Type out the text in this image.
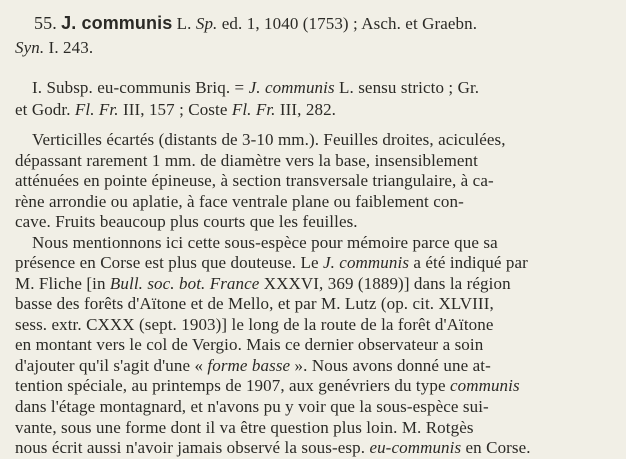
55. J. communis L. Sp. ed. 1, 1040 (1753) ; Asch. et Graebn.
Syn. I. 243.
I. Subsp. eu-communis Briq. = J. communis L. sensu stricto ; Gr.
et Godr. Fl. Fr. III, 157 ; Coste Fl. Fr. III, 282.
Verticilles écartés (distants de 3-10 mm.). Feuilles droites, aciculées,
dépassant rarement 1 mm. de diamètre vers la base, insensiblement
atténuées en pointe épineuse, à section transversale triangulaire, à ca-
rène arrondie ou aplatie, à face ventrale plane ou faiblement con-
cave. Fruits beaucoup plus courts que les feuilles.
Nous mentionnons ici cette sous-espèce pour mémoire parce que sa
présence en Corse est plus que douteuse. Le J. communis a été indiqué par
M. Fliche [in Bull. soc. bot. France XXXVI, 369 (1889)] dans la région
basse des forêts d'Aïtone et de Mello, et par M. Lutz (op. cit. XLVIII,
sess. extr. CXXX (sept. 1903)] le long de la route de la forêt d'Aïtone
en montant vers le col de Vergio. Mais ce dernier observateur a soin
d'ajouter qu'il s'agit d'une « forme basse ». Nous avons donné une at-
tention spéciale, au printemps de 1907, aux genévriers du type communis
dans l'étage montagnard, et n'avons pu y voir que la sous-espèce sui-
vante, sous une forme dont il va être question plus loin. M. Rotgès
nous écrit aussi n'avoir jamais observé la sous-esp. eu-communis en Corse.
